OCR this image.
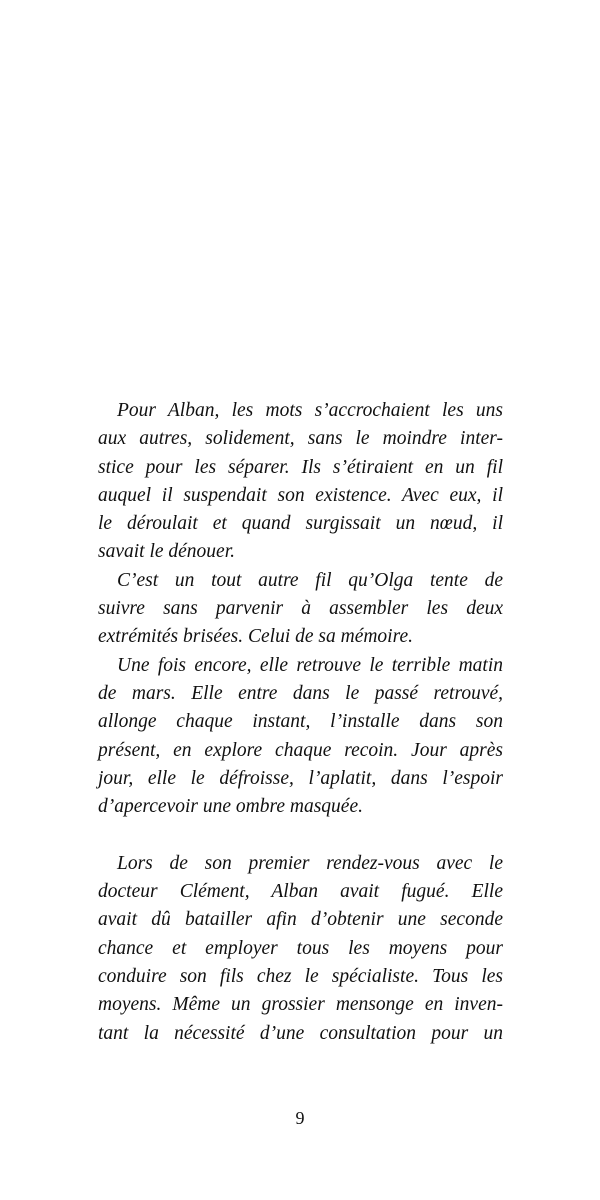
Pour Alban, les mots s’accrochaient les uns
aux autres, solidement, sans le moindre inter-
stice pour les séparer. Ils s’étiraient en un fil
auquel il suspendait son existence. Avec eux, il
le déroulait et quand surgissait un nœud, il
savait le dénouer.
C’est un tout autre fil qu’Olga tente de
suivre sans parvenir à assembler les deux
extrémités brisées. Celui de sa mémoire.
Une fois encore, elle retrouve le terrible matin
de mars. Elle entre dans le passé retrouvé,
allonge chaque instant, l’installe dans son
présent, en explore chaque recoin. Jour après
jour, elle le défroisse, l’aplatit, dans l’espoir
d’apercevoir une ombre masquée.
Lors de son premier rendez-vous avec le
docteur Clément, Alban avait fugué. Elle
avait dû batailler afin d’obtenir une seconde
chance et employer tous les moyens pour
conduire son fils chez le spécialiste. Tous les
moyens. Même un grossier mensonge en inven-
tant la nécessité d’une consultation pour un
9
